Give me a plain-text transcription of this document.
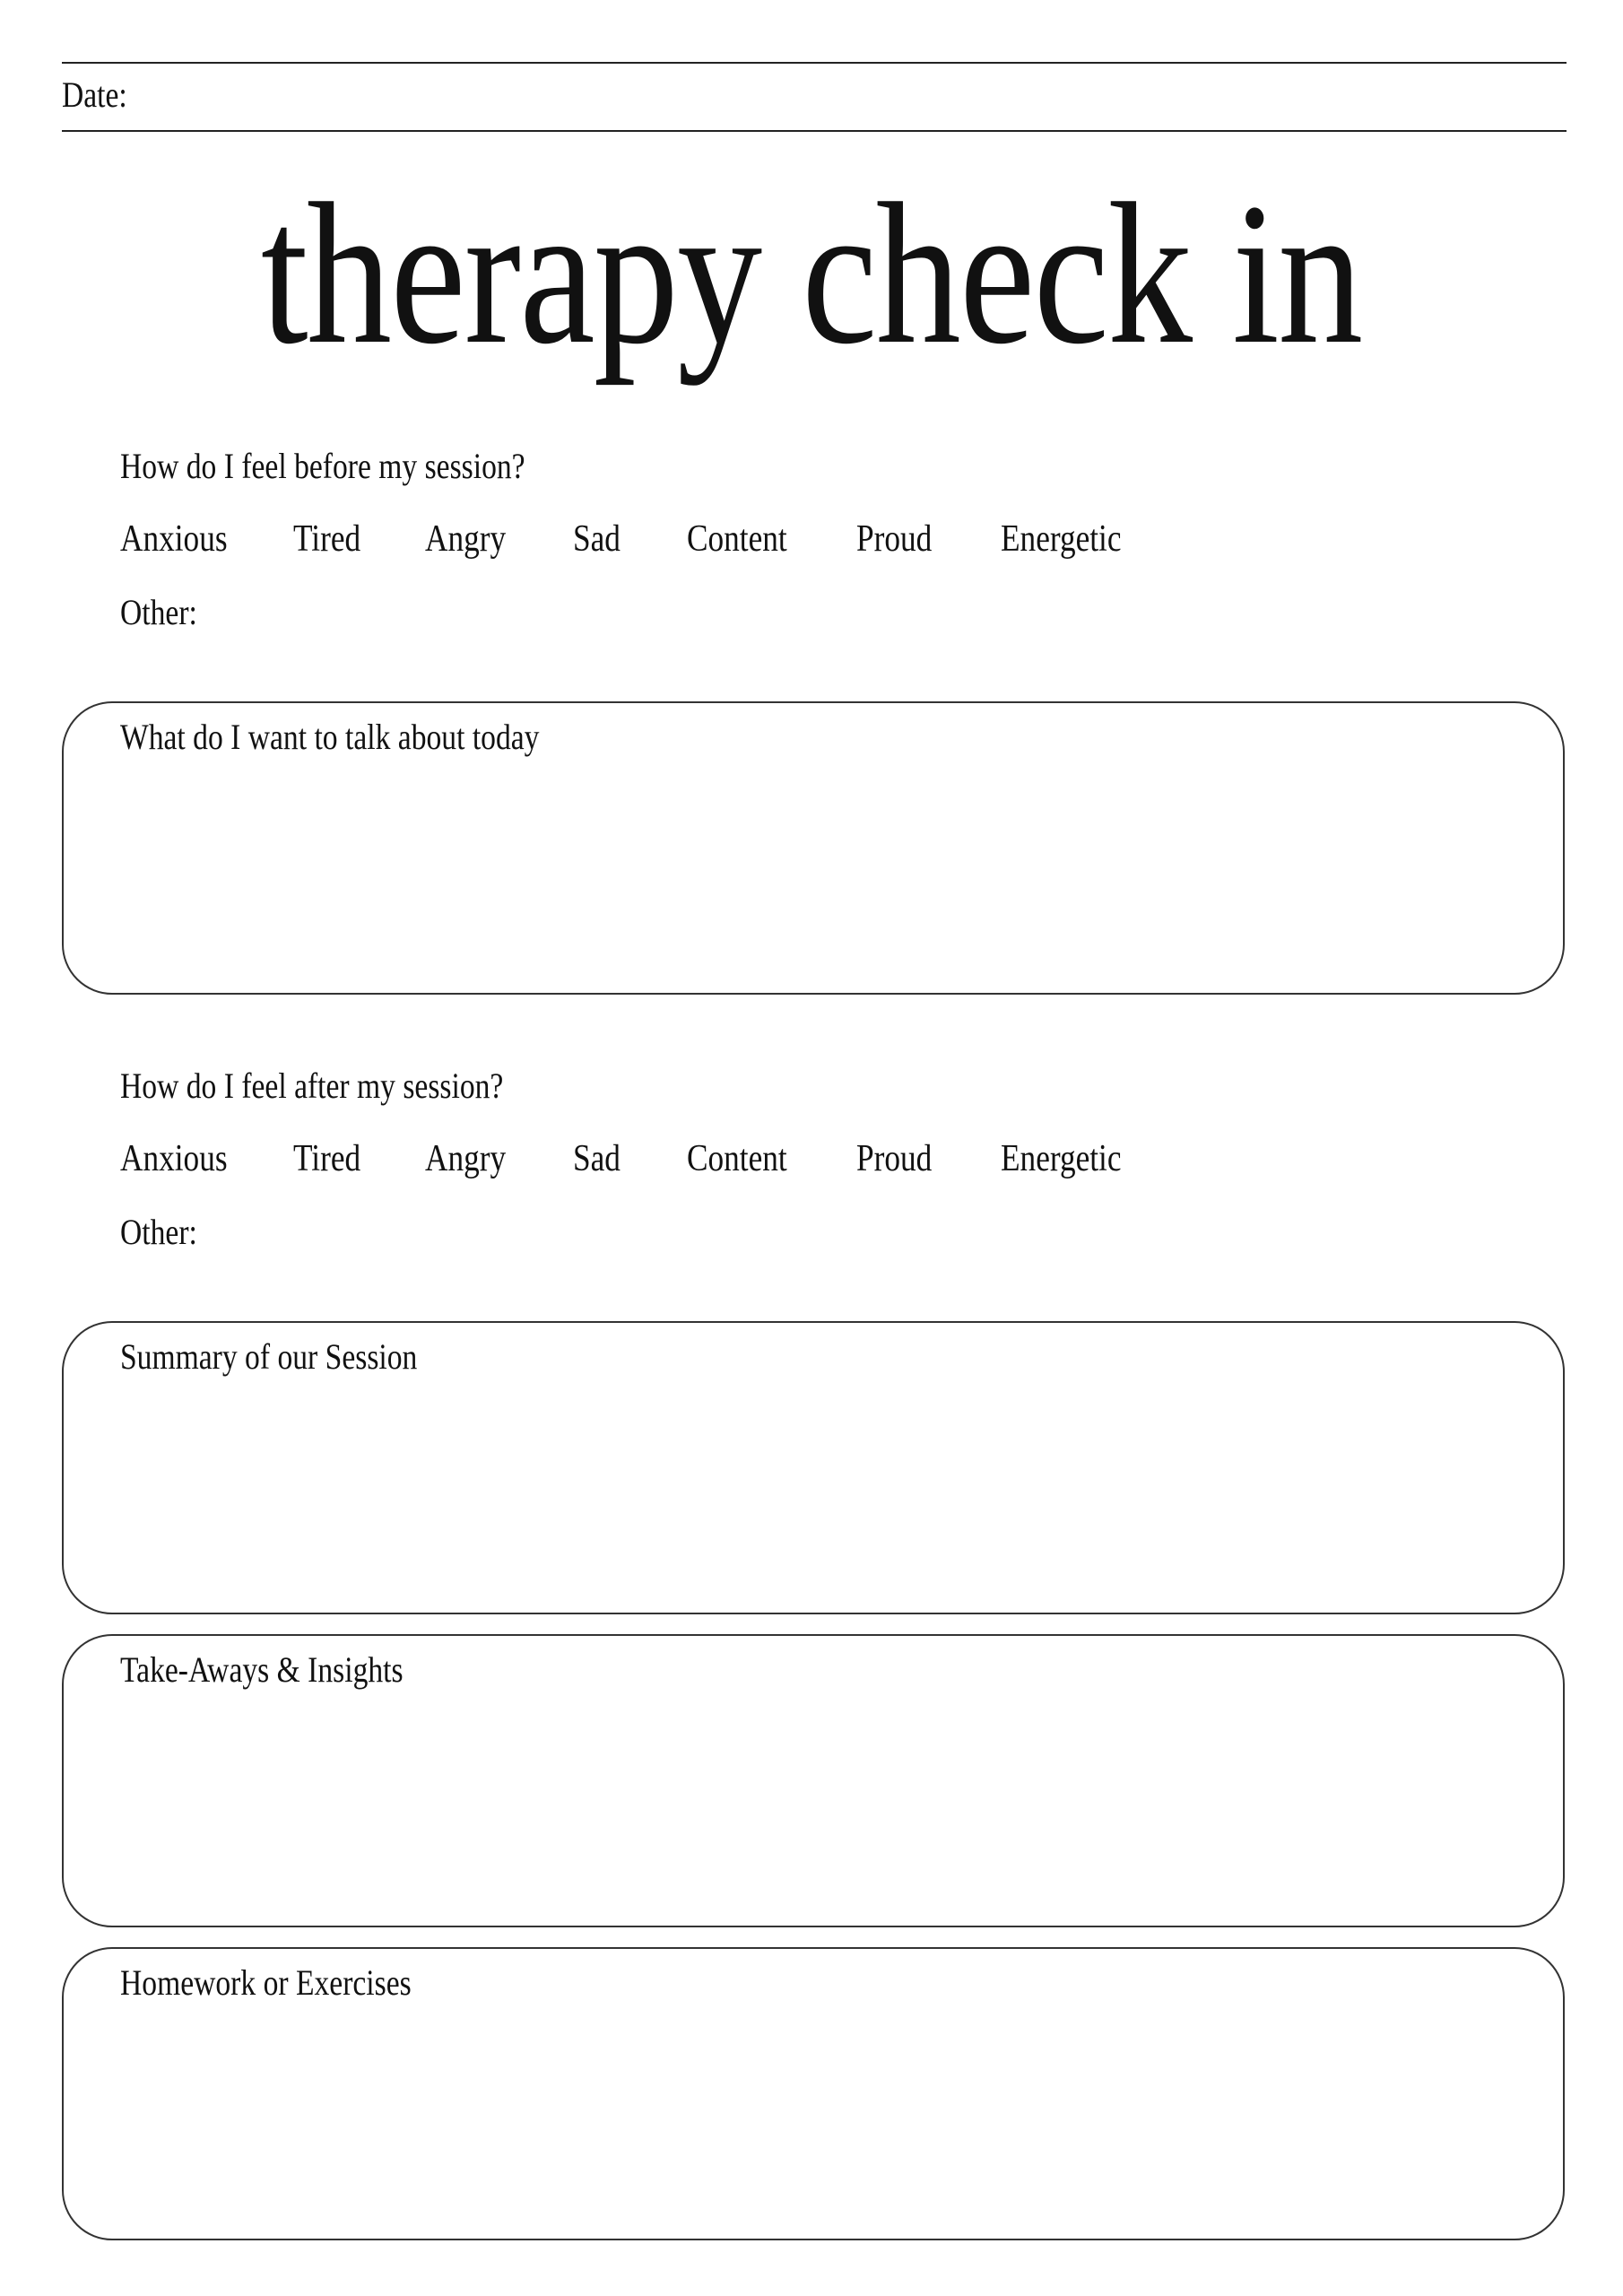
Date:
therapy check in
How do I feel before my session?
Anxious Tired Angry Sad Content Proud Energetic
Other:
What do I want to talk about today
How do I feel after my session?
Anxious Tired Angry Sad Content Proud Energetic
Other:
Summary of our Session
Take-Aways & Insights
Homework or Exercises
